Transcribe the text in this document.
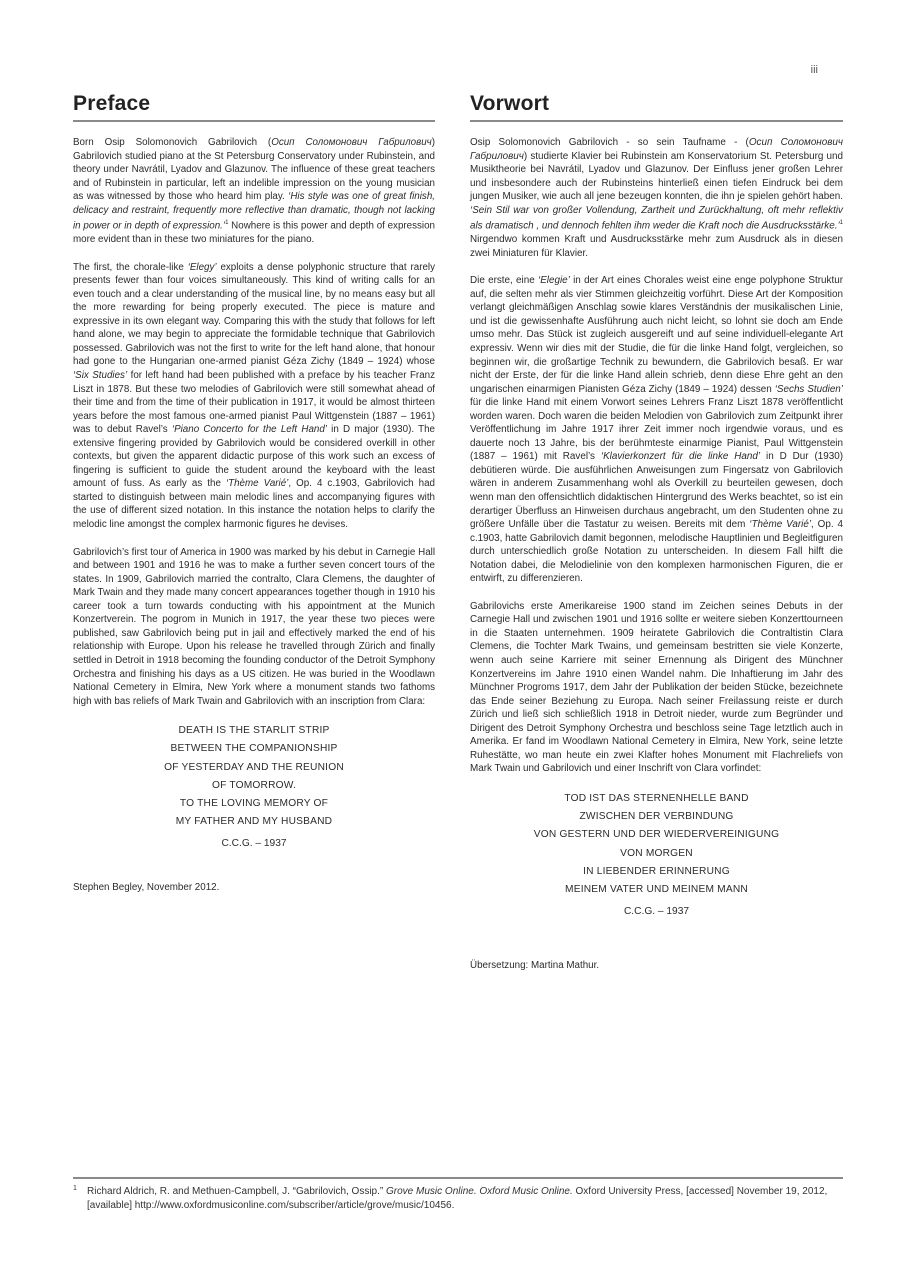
iii
Preface

Born Osip Solomonovich Gabrilovich (Осип Соломонович Габрилович) Gabrilovich studied piano at the St Petersburg Conservatory under Rubinstein, and theory under Navrátil, Lyadov and Glazunov. The influence of these great teachers and of Rubinstein in particular, left an indelible impression on the young musician as was witnessed by those who heard him play. ‘His style was one of great finish, delicacy and restraint, frequently more reflective than dramatic, though not lacking in power or in depth of expression.’$^1$ Nowhere is this power and depth of expression more evident than in these two miniatures for the piano.

The first, the chorale-like ‘Elegy’ exploits a dense polyphonic structure that rarely presents fewer than four voices simultaneously. This kind of writing calls for an even touch and a clear understanding of the musical line, by no means easy but all the more rewarding for being properly executed. The piece is mature and expressive in its own elegant way. Comparing this with the study that follows for left hand alone, we may begin to appreciate the formidable technique that Gabrilovich possessed. Gabrilovich was not the first to write for the left hand alone, that honour had gone to the Hungarian one-armed pianist Géza Zichy (1849 – 1924) whose ‘Six Studies’ for left hand had been published with a preface by his teacher Franz Liszt in 1878. But these two melodies of Gabrilovich were still somewhat ahead of their time and from the time of their publication in 1917, it would be almost thirteen years before the most famous one-armed pianist Paul Wittgenstein (1887 – 1961) was to debut Ravel’s ‘Piano Concerto for the Left Hand’ in D major (1930). The extensive fingering provided by Gabrilovich would be considered overkill in other contexts, but given the apparent didactic purpose of this work such an excess of fingering is sufficient to guide the student around the keyboard with the least amount of fuss. As early as the ‘Thème Varié’, Op. 4 c.1903, Gabrilovich had started to distinguish between main melodic lines and accompanying figures with the use of different sized notation. In this instance the notation helps to clarify the melodic line amongst the complex harmonic figures he devises.

Gabrilovich’s first tour of America in 1900 was marked by his debut in Carnegie Hall and between 1901 and 1916 he was to make a further seven concert tours of the states. In 1909, Gabrilovich married the contralto, Clara Clemens, the daughter of Mark Twain and they made many concert appearances together though in 1910 his career took a turn towards conducting with his appointment at the Munich Konzertverein. The pogrom in Munich in 1917, the year these two pieces were published, saw Gabrilovich being put in jail and effectively marked the end of his relationship with Europe. Upon his release he travelled through Zürich and finally settled in Detroit in 1918 becoming the founding conductor of the Detroit Symphony Orchestra and finishing his days as a US citizen. He was buried in the Woodlawn National Cemetery in Elmira, New York where a monument stands two fathoms high with bas reliefs of Mark Twain and Gabrilovich with an inscription from Clara:

DEATH IS THE STARLIT STRIP
BETWEEN THE COMPANIONSHIP
OF YESTERDAY AND THE REUNION
OF TOMORROW.
TO THE LOVING MEMORY OF
MY FATHER AND MY HUSBAND
C.C.G. – 1937
Stephen Begley, November 2012.
Vorwort

Osip Solomonovich Gabrilovich - so sein Taufname - (Осип Соломонович Габрилович) studierte Klavier bei Rubinstein am Konservatorium St. Petersburg und Musiktheorie bei Navrátil, Lyadov und Glazunov. Der Einfluss jener großen Lehrer und insbesondere auch der Rubinsteins hinterließ einen tiefen Eindruck bei dem jungen Musiker, wie auch all jene bezeugen konnten, die ihn je spielen gehört haben. ‘Sein Stil war von großer Vollendung, Zartheit und Zurückhaltung, oft mehr reflektiv als dramatisch , und dennoch fehlten ihm weder die Kraft noch die Ausdrucksstärke.’$^1$ Nirgendwo kommen Kraft und Ausdrucksstärke mehr zum Ausdruck als in diesen zwei Miniaturen für Klavier.

Die erste, eine ‘Elegie’ in der Art eines Chorales weist eine enge polyphone Struktur auf, die selten mehr als vier Stimmen gleichzeitig vorführt. Diese Art der Komposition verlangt gleichmäßigen Anschlag sowie klares Verständnis der musikalischen Linie, und ist die gewissenhafte Ausführung auch nicht leicht, so lohnt sie doch am Ende umso mehr. Das Stück ist zugleich ausgereift und auf seine individuell-elegante Art expressiv. Wenn wir dies mit der Studie, die für die linke Hand folgt, vergleichen, so beginnen wir, die großartige Technik zu bewundern, die Gabrilovich besaß. Er war nicht der Erste, der für die linke Hand allein schrieb, denn diese Ehre geht an den ungarischen einarmigen Pianisten Géza Zichy (1849 – 1924) dessen ‘Sechs Studien’ für die linke Hand mit einem Vorwort seines Lehrers Franz Liszt 1878 veröffentlicht worden waren. Doch waren die beiden Melodien von Gabrilovich zum Zeitpunkt ihrer Veröffentlichung im Jahre 1917 ihrer Zeit immer noch irgendwie voraus, und es dauerte noch 13 Jahre, bis der berühmteste einarmige Pianist, Paul Wittgenstein (1887 – 1961) mit Ravel’s ‘Klavierkonzert für die linke Hand’ in D Dur (1930) debütieren würde. Die ausführlichen Anweisungen zum Fingersatz von Gabrilovich wären in anderem Zusammenhang wohl als Overkill zu beurteilen gewesen, doch wenn man den offensichtlich didaktischen Hintergrund des Werks beachtet, so ist ein derartiger Überfluss an Hinweisen durchaus angebracht, um den Studenten ohne zu größere Unfälle über die Tastatur zu weisen. Bereits mit dem ‘Thème Varié’, Op. 4 c.1903, hatte Gabrilovich damit begonnen, melodische Hauptlinien und Begleitfiguren durch unterschiedlich große Notation zu unterscheiden. In diesem Fall hilft die Notation dabei, die Melodielinie von den komplexen harmonischen Figuren, die er entwirft, zu differenzieren.

Gabrilovichs erste Amerikareise 1900 stand im Zeichen seines Debuts in der Carnegie Hall und zwischen 1901 und 1916 sollte er weitere sieben Konzerttourneen in die Staaten unternehmen. 1909 heiratete Gabrilovich die Contraltistin Clara Clemens, die Tochter Mark Twains, und gemeinsam bestritten sie viele Konzerte, wenn auch seine Karriere mit seiner Ernennung als Dirigent des Münchner Konzertvereins im Jahre 1910 einen Wandel nahm. Die Inhaftierung im Jahr des Münchner Progroms 1917, dem Jahr der Publikation der beiden Stücke, bezeichnete das Ende seiner Beziehung zu Europa. Nach seiner Freilassung reiste er durch Zürich und ließ sich schließlich 1918 in Detroit nieder, wurde zum Begründer und Dirigent des Detroit Symphony Orchestra und beschloss seine Tage letztlich auch in Amerika. Er fand im Woodlawn National Cemetery in Elmira, New York, seine letzte Ruhestätte, wo man heute ein zwei Klafter hohes Monument mit Flachreliefs von Mark Twain und Gabrilovich und einer Inschrift von Clara vorfindet:

TOD IST DAS STERNENHELLE BAND
ZWISCHEN DER VERBINDUNG
VON GESTERN UND DER WIEDERVEREINIGUNG
VON MORGEN
IN LIEBENDER ERINNERUNG
MEINEM VATER UND MEINEM MANN
C.C.G. – 1937
Übersetzung: Martina Mathur.
1	Richard Aldrich, R. and Methuen-Campbell, J. “Gabrilovich, Ossip.” Grove Music Online. Oxford Music Online. Oxford University Press, [accessed] November 19, 2012, [available] http://www.oxfordmusiconline.com/subscriber/article/grove/music/10456.
